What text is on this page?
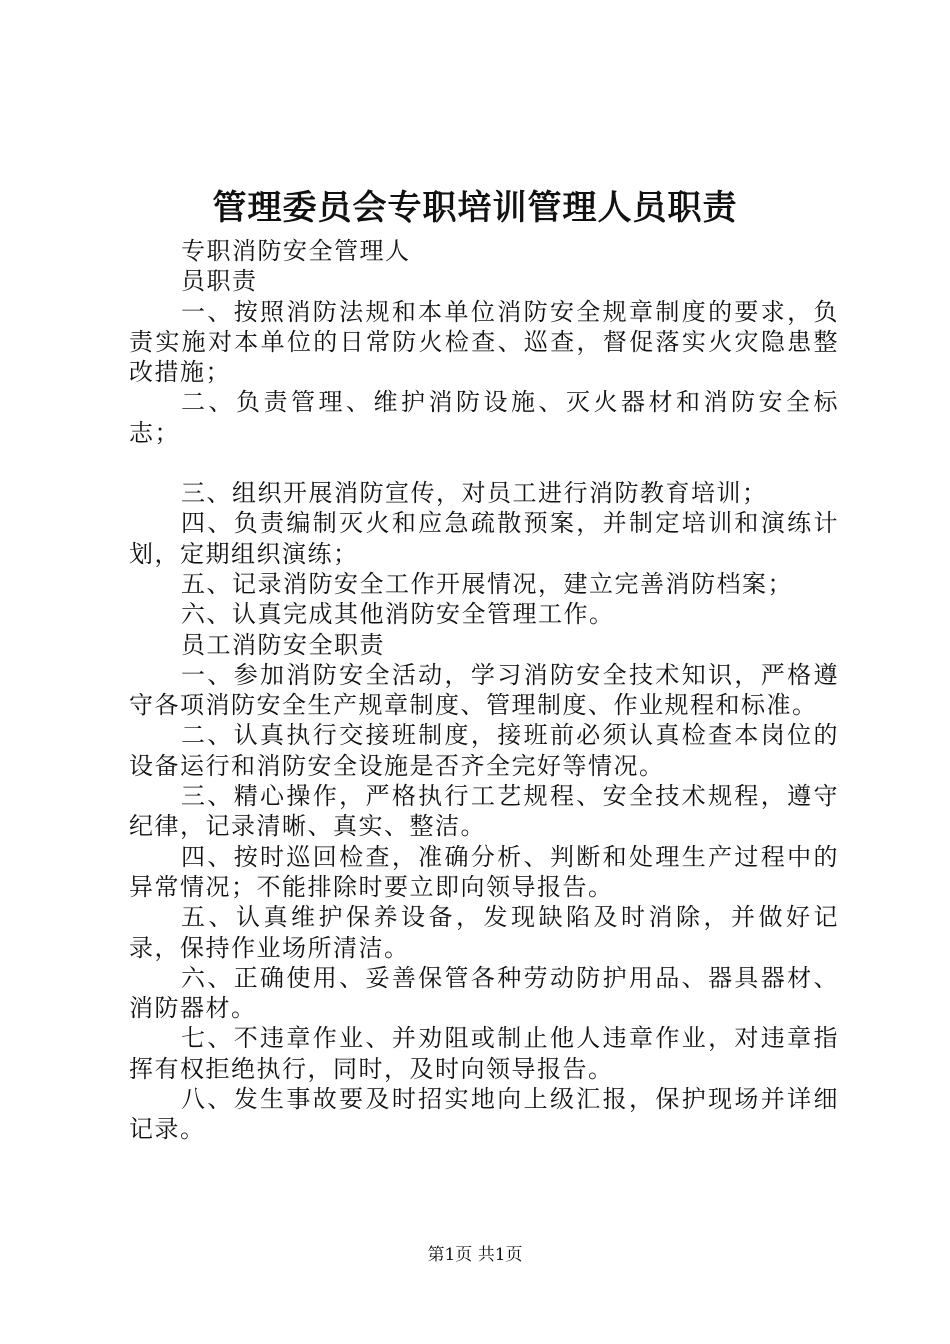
管理委员会专职培训管理人员职责

专职消防安全管理人

员职责

一、按照消防法规和本单位消防安全规章制度的要求，负责实施对本单位的日常防火检查、巡查，督促落实火灾隐患整改措施；

二、负责管理、维护消防设施、灭火器材和消防安全标志；

三、组织开展消防宣传，对员工进行消防教育培训；

四、负责编制灭火和应急疏散预案，并制定培训和演练计划，定期组织演练；

五、记录消防安全工作开展情况，建立完善消防档案；

六、认真完成其他消防安全管理工作。

员工消防安全职责

一、参加消防安全活动，学习消防安全技术知识，严格遵守各项消防安全生产规章制度、管理制度、作业规程和标准。

二、认真执行交接班制度，接班前必须认真检查本岗位的设备运行和消防安全设施是否齐全完好等情况。

三、精心操作，严格执行工艺规程、安全技术规程，遵守纪律，记录清晰、真实、整洁。

四、按时巡回检查，准确分析、判断和处理生产过程中的异常情况；不能排除时要立即向领导报告。

五、认真维护保养设备，发现缺陷及时消除，并做好记录，保持作业场所清洁。

六、正确使用、妥善保管各种劳动防护用品、器具器材、消防器材。

七、不违章作业、并劝阻或制止他人违章作业，对违章指挥有权拒绝执行，同时，及时向领导报告。

八、发生事故要及时招实地向上级汇报，保护现场并详细记录。

第1页 共1页
